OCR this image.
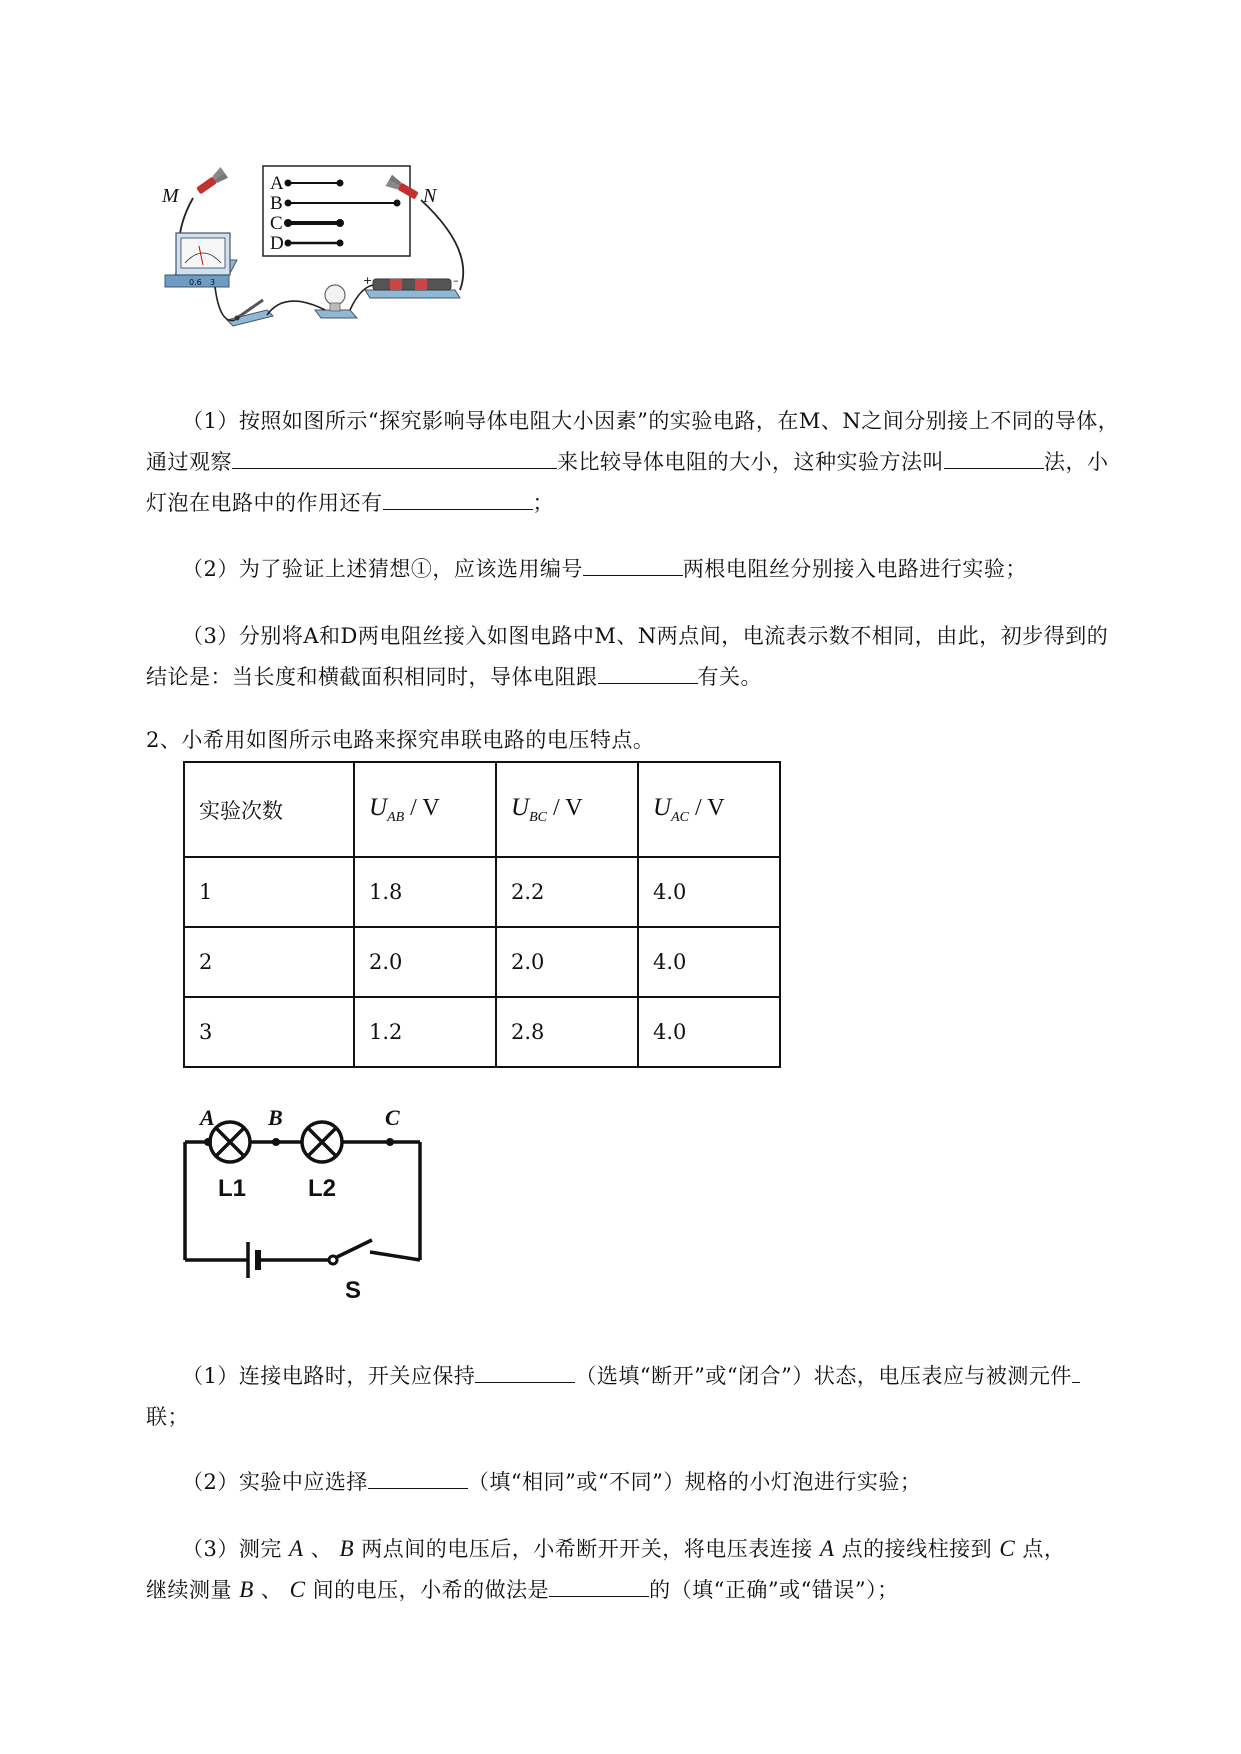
A
B
C
D
M	N
0.6 3	+	–
（1）按照如图所示“探究影响导体电阻大小因素”的实验电路，在M、N之间分别接上不同的导体，

通过观察	来比较导体电阻的大小，这种实验方法叫	法，小
灯泡在电路中的作用还有	；
（2）为了验证上述猜想①，应该选用编号	两根电阻丝分别接入电路进行实验；
（3）分别将A和D两电阻丝接入如图电路中M、N两点间，电流表示数不相同，由此，初步得到的
结论是：当长度和横截面积相同时，导体电阻跟	有关。
2、小希用如图所示电路来探究串联电路的电压特点。
实验次数	$U_{AB}$ / V	$U_{BC}$ / V	$U_{AC}$ / V
1	1.8	2.2	4.0
2	2.0	2.0	4.0
3	1.2	2.8	4.0
A B	C
L1	L2
S
（1）连接电路时，开关应保持	（选填“断开”或“闭合”）状态，电压表应与被测元件
联；
（2）实验中应选择	（填“相同”或“不同”）规格的小灯泡进行实验；
（3）测完 A 、 B 两点间的电压后，小希断开开关，将电压表连接 A 点的接线柱接到 C 点，
继续测量 B 、 C 间的电压，小希的做法是	的（填“正确”或“错误”）；
